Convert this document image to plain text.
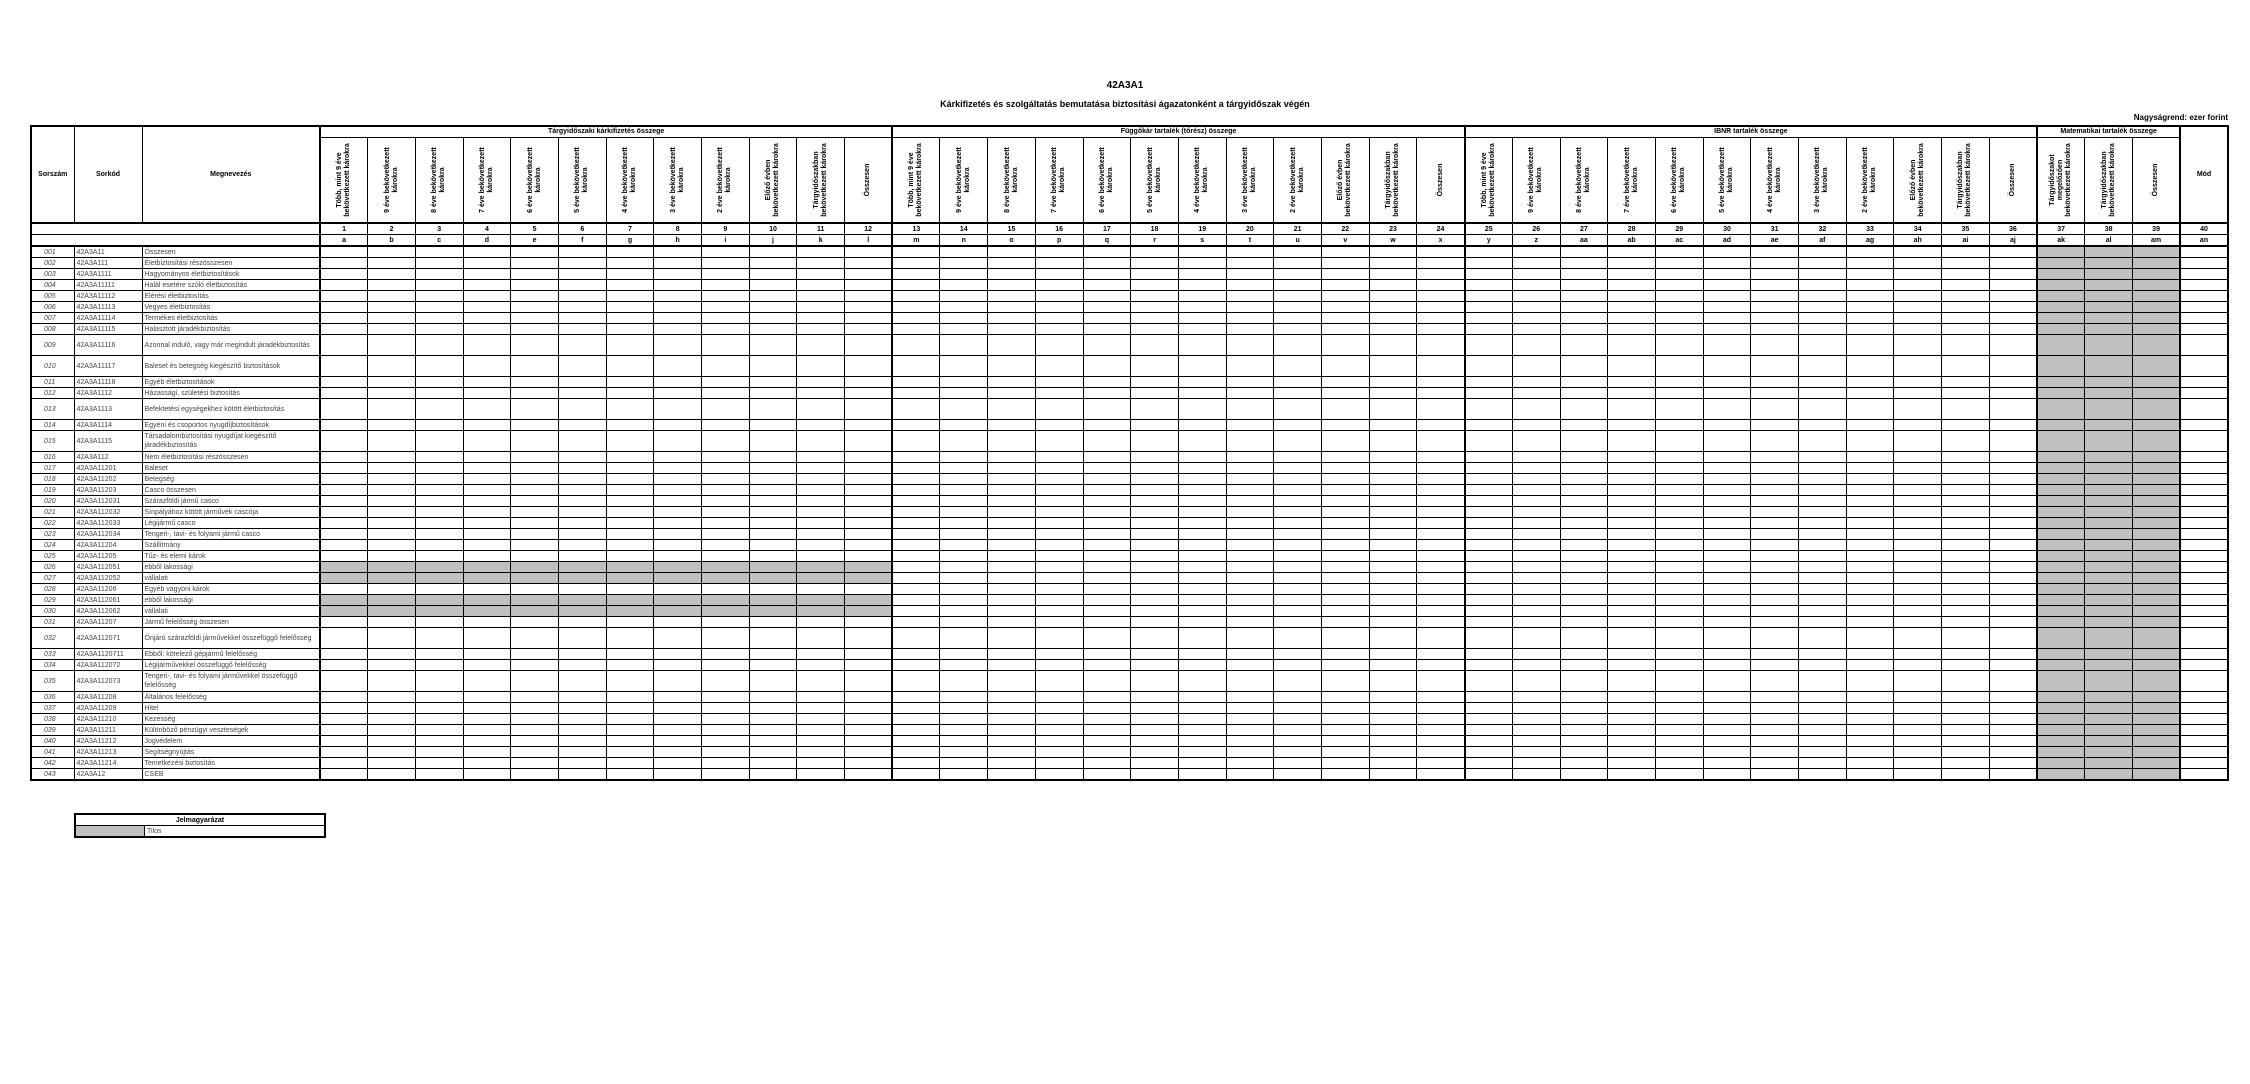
42A3A1
Kárkifizetés és szolgáltatás bemutatása biztosítási ágazatonként a tárgyidőszak végén
Nagyságrend: ezer forint
Sorszám	Sorkód	Megnevezés	Tárgyidőszaki kárkifizetés összege												Függőkár tartalék (tőrész) összege												IBNR tartalék összege												Matematikai tartalék összege			Mód

			Több, mint 9 éve bekövetkezett károkra	9 éve bekövetkezett károkra	8 éve bekövetkezett károkra	7 éve bekövetkezett károkra	6 éve bekövetkezett károkra	5 éve bekövetkezett károkra	4 éve bekövetkezett károkra	3 éve bekövetkezett károkra	2 éve bekövetkezett károkra	Előző évben bekövetkezett károkra	Tárgyidőszakban bekövetkezett károkra	Összesen	Több, mint 9 éve bekövetkezett károkra	9 éve bekövetkezett károkra	8 éve bekövetkezett károkra	7 éve bekövetkezett károkra	6 éve bekövetkezett károkra	5 éve bekövetkezett károkra	4 éve bekövetkezett károkra	3 éve bekövetkezett károkra	2 éve bekövetkezett károkra	Előző évben bekövetkezett károkra	Tárgyidőszakban bekövetkezett károkra	Összesen	Több, mint 9 éve bekövetkezett károkra	9 éve bekövetkezett károkra	8 éve bekövetkezett károkra	7 éve bekövetkezett károkra	6 éve bekövetkezett károkra	5 éve bekövetkezett károkra	4 éve bekövetkezett károkra	3 éve bekövetkezett károkra	2 éve bekövetkezett károkra	Előző évben bekövetkezett károkra	Tárgyidőszakban bekövetkezett károkra	Összesen	Tárgyidőszakot megelőzően bekövetkezett károkra	Tárgyidőszakban bekövetkezett károkra	Összesen	

			1	2	3	4	5	6	7	8	9	10	11	12	13	14	15	16	17	18	19	20	21	22	23	24	25	26	27	28	29	30	31	32	33	34	35	36	37	38	39	40
			a	b	c	d	e	f	g	h	i	j	k	l	m	n	o	p	q	r	s	t	u	v	w	x	y	z	aa	ab	ac	ad	ae	af	ag	ah	ai	aj	ak	al	am	an
001	42A3A11	Összesen																																								
002	42A3A111	Életbiztosítási részösszesen																																								
003	42A3A1111	Hagyományos életbiztosítások																																								
004	42A3A11111	Halál esetére szóló életbiztosítás																																								
005	42A3A11112	Elérési életbiztosítás																																								
006	42A3A11113	Vegyes életbiztosítás																																								
007	42A3A11114	Termékes életbiztosítás																																								
008	42A3A11115	Halasztott járadékbiztosítás																																								
009	42A3A11116	Azonnal induló, vagy már megindult járadékbiztosítás																																								
010	42A3A11117	Baleset és betegség kiegészítő biztosítások																																								
011	42A3A11118	Egyéb életbiztosítások																																								
012	42A3A1112	Házassági, születési biztosítás																																								
013	42A3A1113	Befektetési egységekhez kötött életbiztosítás																																								
014	42A3A1114	Egyéni és csoportos nyugdíjbiztosítások																																								
015	42A3A1115	Társadalombiztosítási nyugdíjat kiegészítő járadékbiztosítás																																								
016	42A3A112	Nem életbiztosítási részösszesen																																								
017	42A3A11201	Baleset																																								
018	42A3A11202	Betegség																																								
019	42A3A11203	Casco összesen																																								
020	42A3A112031	Szárazföldi jármű casco																																								
021	42A3A112032	Sínpályához kötött járművek cascója																																								
022	42A3A112033	Légijármű casco																																								
023	42A3A112034	Tengeri-, tavi- és folyami jármű casco																																								
024	42A3A11204	Szállítmány																																								
025	42A3A11205	Tűz- és elemi károk																																								
026	42A3A112051	ebből lakossági																																								
027	42A3A112052	vállalati																																								
028	42A3A11206	Egyéb vagyoni károk																																								
029	42A3A112061	ebből lakossági																																								
030	42A3A112062	vállalati																																								
031	42A3A11207	Jármű felelősség összesen																																								
032	42A3A112071	Önjáró szárazföldi járművekkel összefüggő felelősség																																								
033	42A3A1120711	Ebből: kötelező gépjármű felelősség																																								
034	42A3A112072	Légijárművekkel összefüggő felelősség																																								
035	42A3A112073	Tengeri-, tavi- és folyami járművekkel összefüggő felelősség																																								
036	42A3A11208	Általános felelősség																																								
037	42A3A11209	Hitel																																								
038	42A3A11210	Kezesség																																								
039	42A3A11211	Különböző pénzügyi veszteségek																																								
040	42A3A11212	Jogvédelem																																								
041	42A3A11213	Segítségnyújtás																																								
042	42A3A11214	Temetkezési biztosítás																																								
043	42A3A12	CSEB																																								
Jelmagyarázat
	Tilos
